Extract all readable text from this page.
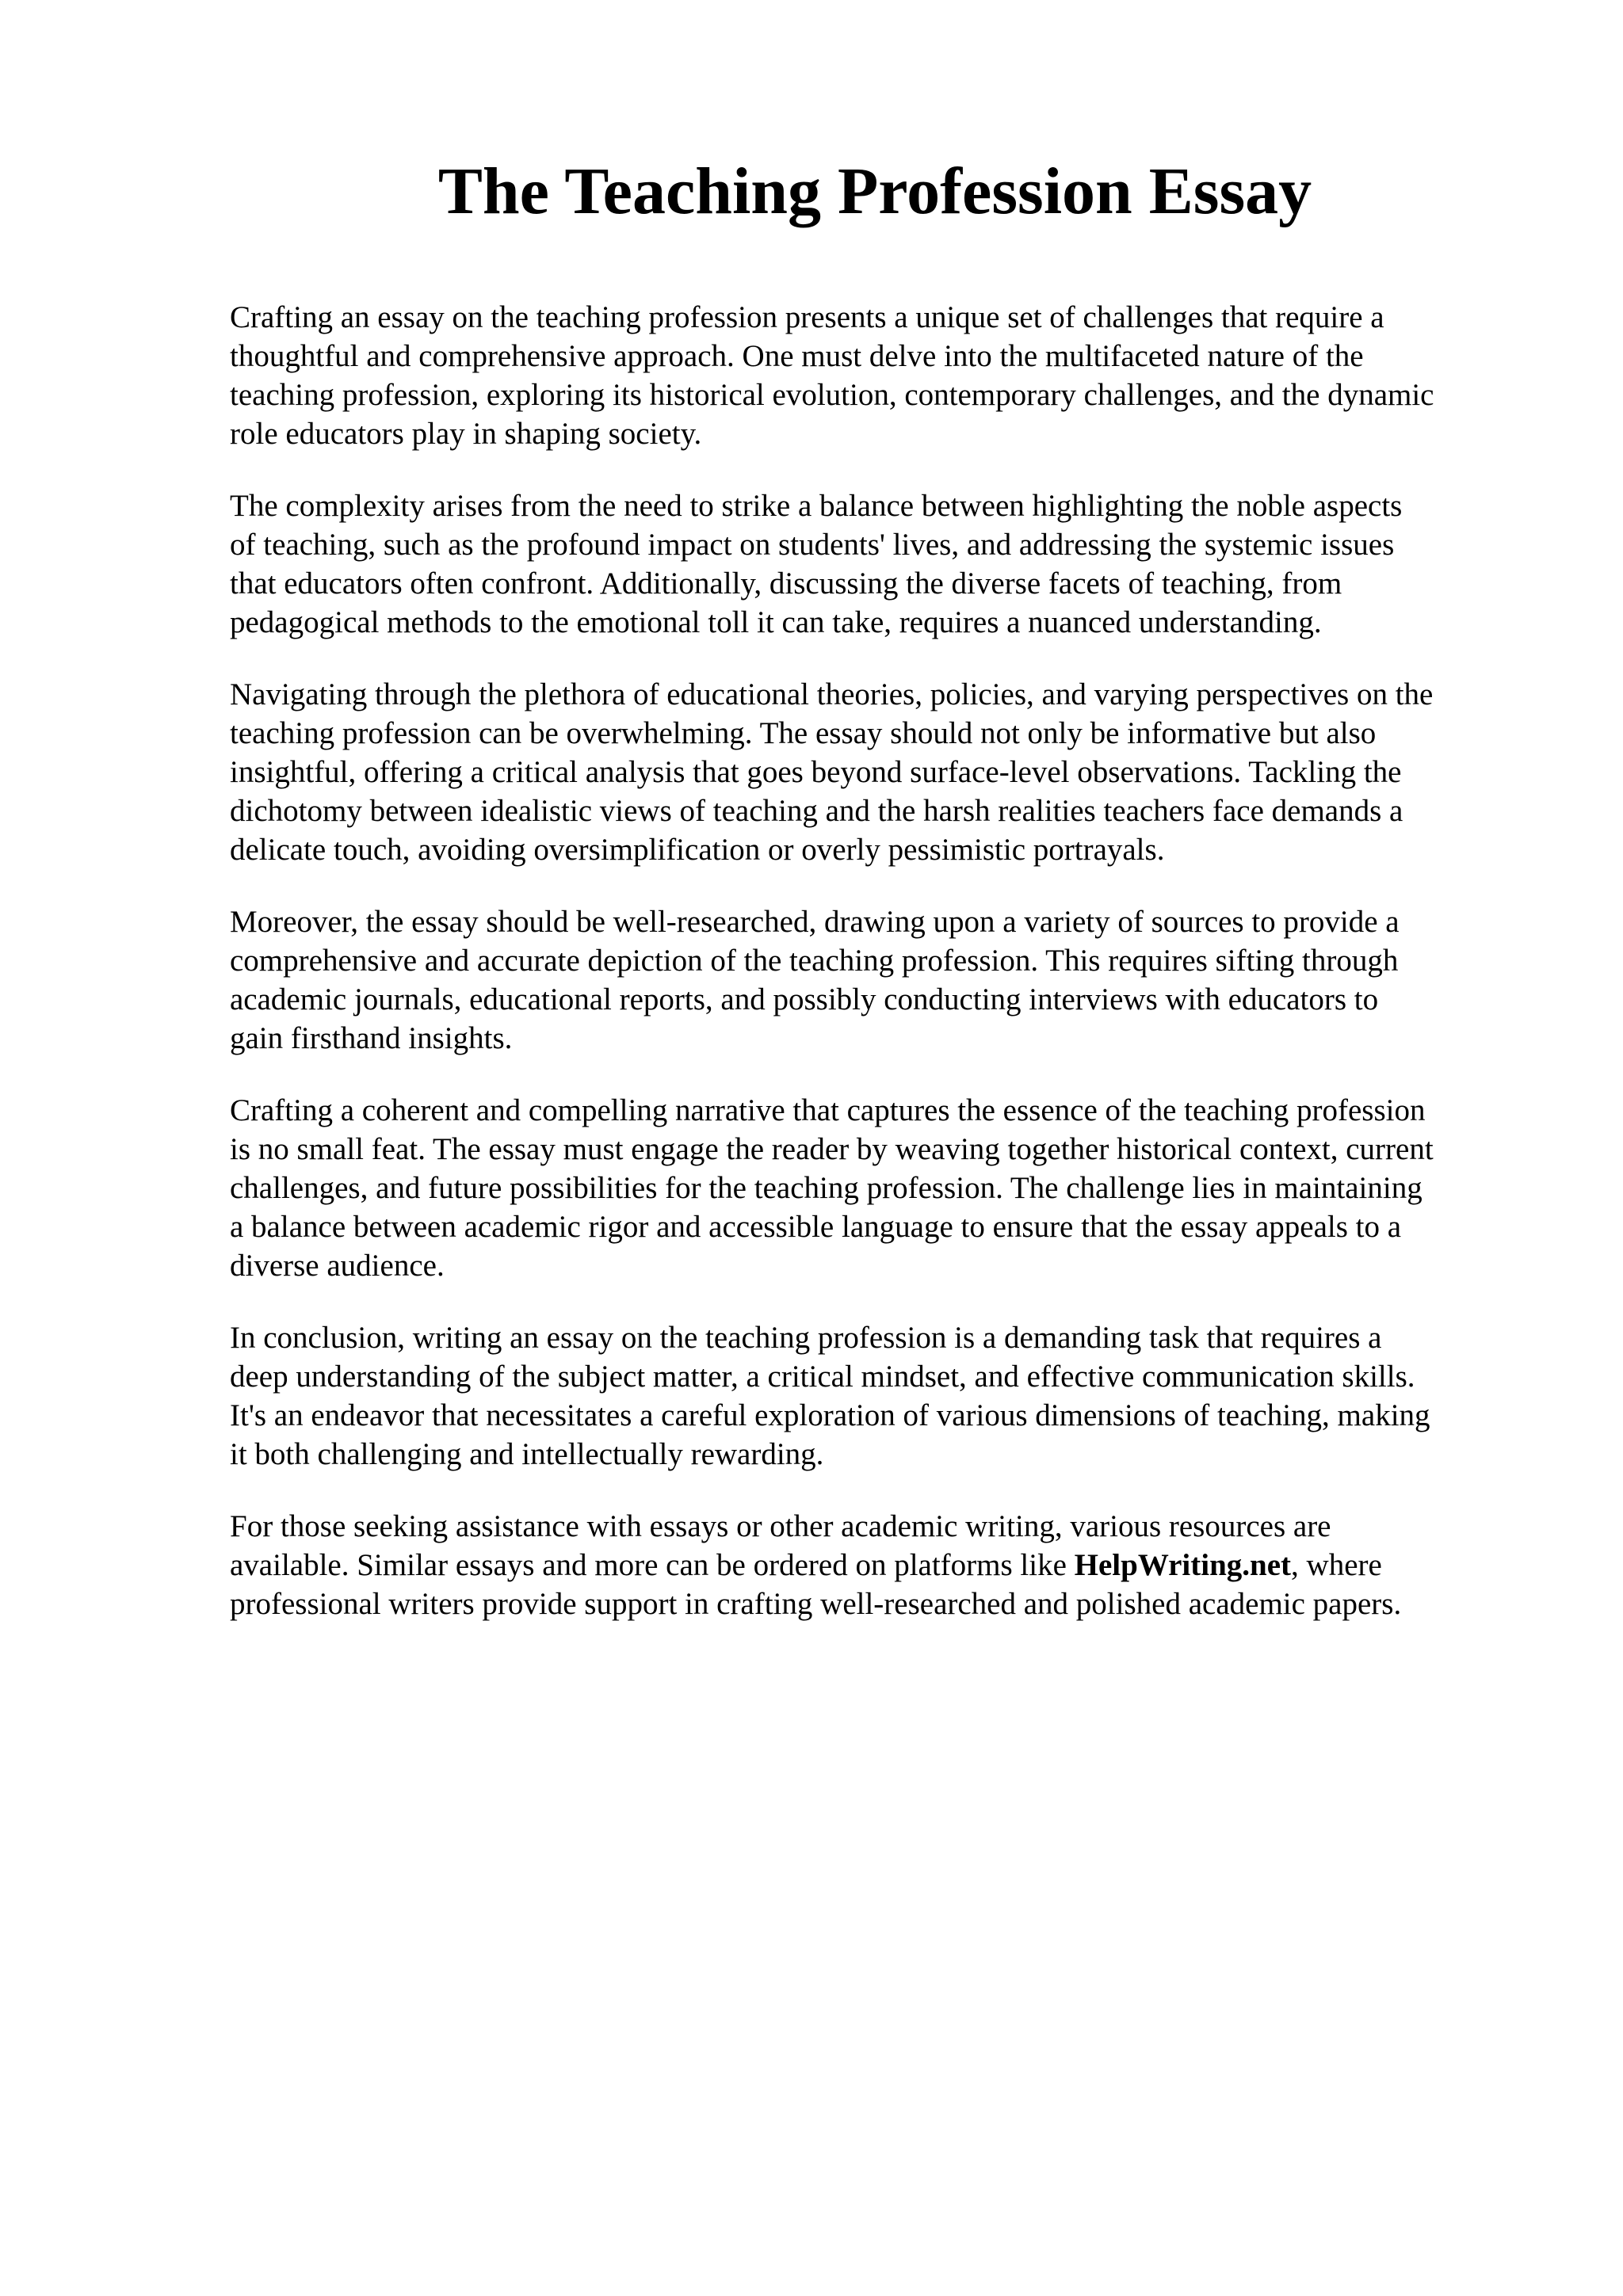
The Teaching Profession Essay

Crafting an essay on the teaching profession presents a unique set of challenges that require a
thoughtful and comprehensive approach. One must delve into the multifaceted nature of the
teaching profession, exploring its historical evolution, contemporary challenges, and the dynamic
role educators play in shaping society.

The complexity arises from the need to strike a balance between highlighting the noble aspects
of teaching, such as the profound impact on students' lives, and addressing the systemic issues
that educators often confront. Additionally, discussing the diverse facets of teaching, from
pedagogical methods to the emotional toll it can take, requires a nuanced understanding.

Navigating through the plethora of educational theories, policies, and varying perspectives on the
teaching profession can be overwhelming. The essay should not only be informative but also
insightful, offering a critical analysis that goes beyond surface-level observations. Tackling the
dichotomy between idealistic views of teaching and the harsh realities teachers face demands a
delicate touch, avoiding oversimplification or overly pessimistic portrayals.

Moreover, the essay should be well-researched, drawing upon a variety of sources to provide a
comprehensive and accurate depiction of the teaching profession. This requires sifting through
academic journals, educational reports, and possibly conducting interviews with educators to
gain firsthand insights.

Crafting a coherent and compelling narrative that captures the essence of the teaching profession
is no small feat. The essay must engage the reader by weaving together historical context, current
challenges, and future possibilities for the teaching profession. The challenge lies in maintaining
a balance between academic rigor and accessible language to ensure that the essay appeals to a
diverse audience.

In conclusion, writing an essay on the teaching profession is a demanding task that requires a
deep understanding of the subject matter, a critical mindset, and effective communication skills.
It's an endeavor that necessitates a careful exploration of various dimensions of teaching, making
it both challenging and intellectually rewarding.

For those seeking assistance with essays or other academic writing, various resources are
available. Similar essays and more can be ordered on platforms like HelpWriting.net, where
professional writers provide support in crafting well-researched and polished academic papers.
